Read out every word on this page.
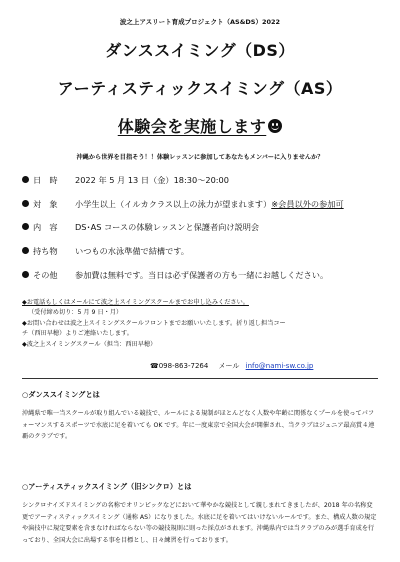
波之上アスリート育成プロジェクト（AS&DS）2022
ダンススイミング（DS）
アーティスティックスイミング（AS）
体験会を実施します
沖縄から世界を目指そう！！体験レッスンに参加してあなたもメンバーに入りませんか？
日　時 2022 年 5 月 13 日（金）18:30～20:00
対　象 小学生以上（イルカクラス以上の泳力が望まれます）※会員以外の参加可
内　容 DS･AS コースの体験レッスンと保護者向け説明会
持ち物 いつもの水泳準備で結構です。
その他 参加費は無料です。当日は必ず保護者の方も一緒にお越しください。
◆お電話もしくはメールにて波之上スイミングスクールまでお申し込みください。
（受付締め切り：5 月 9 日・月）
◆お問い合わせは波之上スイミングスクールフロントまでお願いいたします。折り返し担当コー
チ（西田早穂）よりご連絡いたします。
◆波之上スイミングスクール（担当：西田早穂）
☎098-863-7264 メール info@nami-sw.co.jp
○ダンススイミングとは
沖縄県で唯一当スクールが取り組んでいる競技で、ルールによる規制がほとんどなく人数や年齢に関係なくプールを使ってパフォーマンスするスポーツで水底に足を着いても OK です。年に一度東京で全国大会が開催され、当クラブはジュニア最高賞４連覇のクラブです。
○アーティスティックスイミング（旧シンクロ）とは
シンクロナイズドスイミングの名称でオリンピックなどにおいて華やかな競技として親しまれてきましたが、2018 年の名称変更でアーティスティックスイミング（通称 AS）になりました。水底に足を着いてはいけないルールです。また、構成人数の規定や演技中に規定要素を含まなければならない等の競技規則に則った採点がされます。沖縄県内では当クラブのみが選手育成を行っており、全国大会に出場する事を目標とし、日々練習を行っております。
